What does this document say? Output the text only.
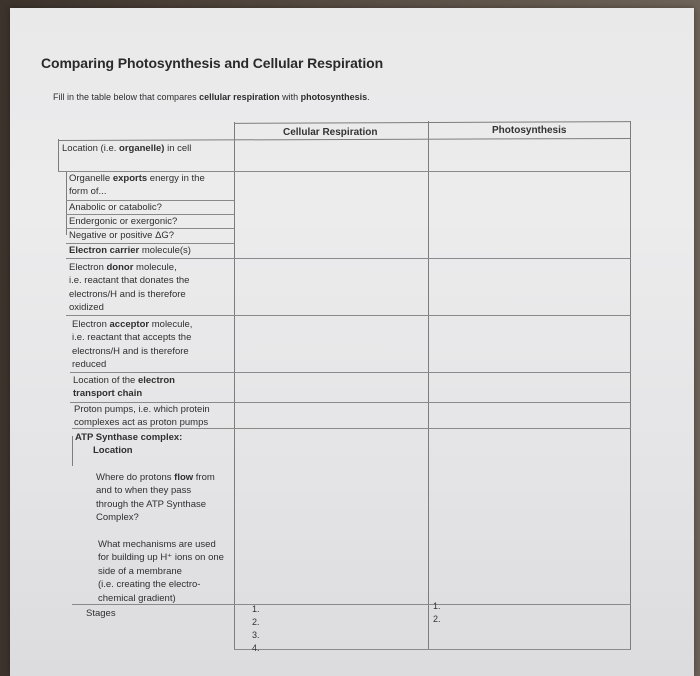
Comparing Photosynthesis and Cellular Respiration
Fill in the table below that compares cellular respiration with photosynthesis.
Cellular Respiration	Photosynthesis
Location (i.e. organelle) in cell
Organelle exports energy in the
form of...
Anabolic or catabolic?
Endergonic or exergonic?
Negative or positive ΔG?
Electron carrier molecule(s)
Electron donor molecule,
i.e. reactant that donates the
electrons/H and is therefore
oxidized
Electron acceptor molecule,
i.e. reactant that accepts the
electrons/H and is therefore
reduced
Location of the electron
transport chain
Proton pumps, i.e. which protein
complexes act as proton pumps
ATP Synthase complex:
Location
Where do protons flow from
and to when they pass
through the ATP Synthase
Complex?
What mechanisms are used
for building up H⁺ ions on one
side of a membrane
(i.e. creating the electro-
chemical gradient)
Stages	1.
2.
3.
4.
1.
2.
